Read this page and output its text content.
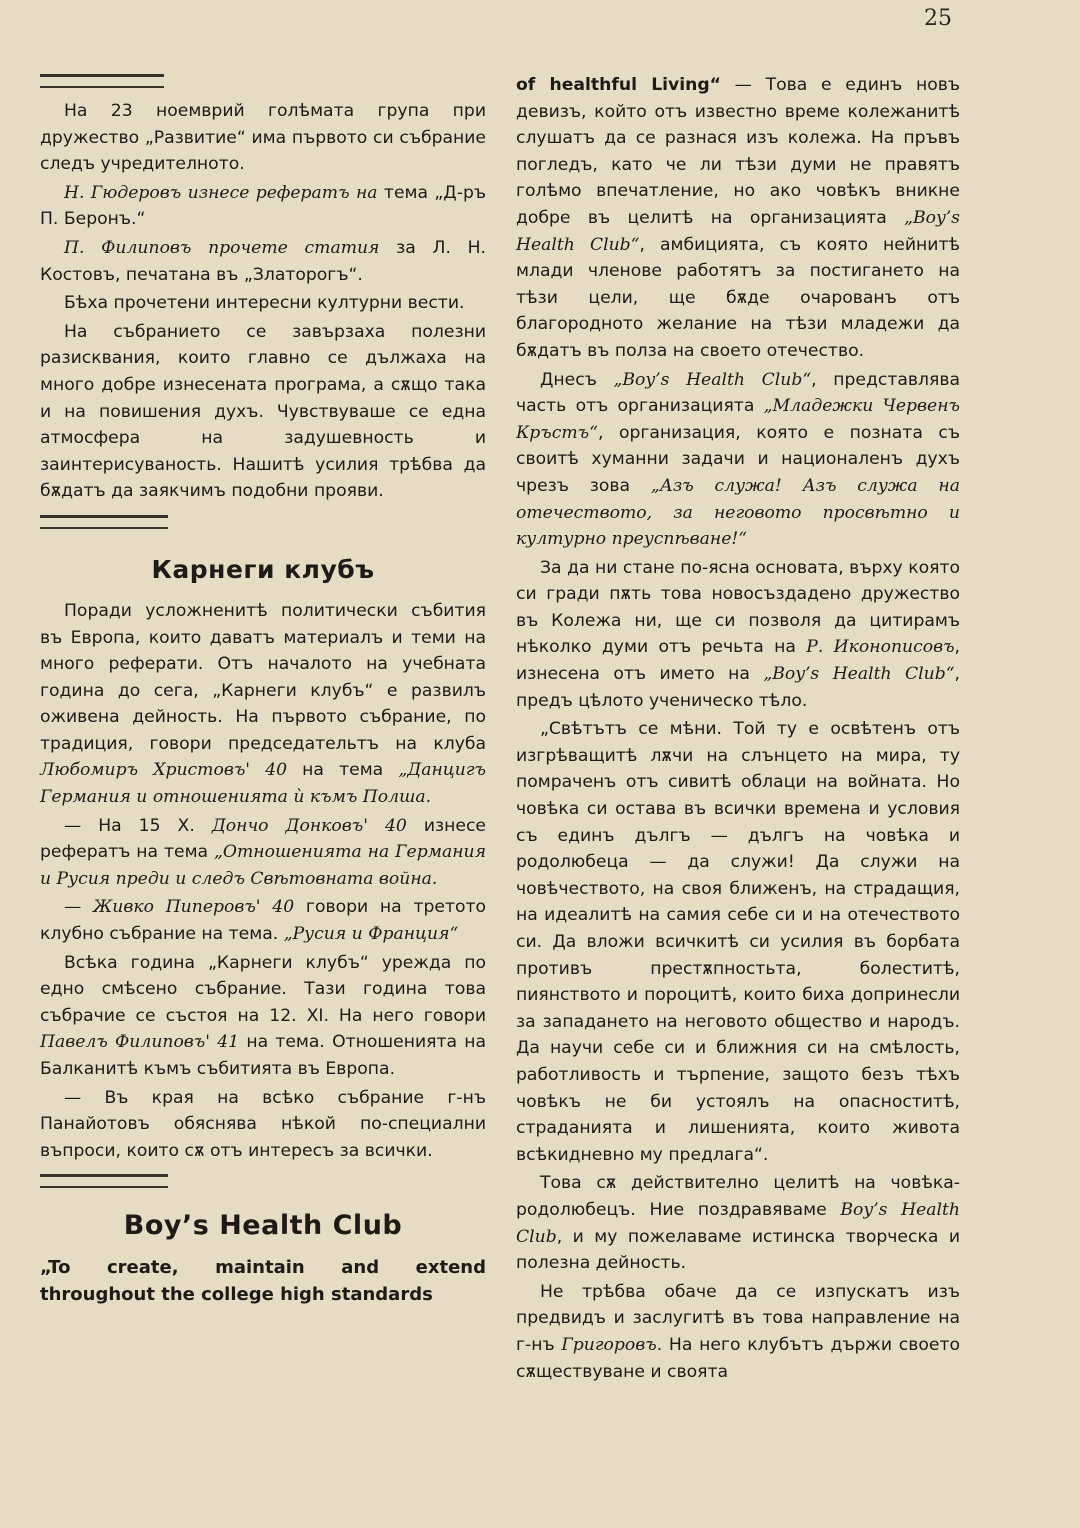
25

На 23 ноемврий голѣмата група при дружество „Развитие“ има първото си събрание следъ учредителното.

Н. Гюдеровъ изнесе рефератъ на тема „Д-ръ П. Беронъ.“

П. Филиповъ прочете статия за Л. Н. Костовъ, печатана въ „Златорогъ“.

Бѣха прочетени интересни културни вести.

На събранието се завързаха полезни разисквания, които главно се дължаха на много добре изнесената програма, а сѫщо така и на повишения духъ. Чувствуваше се една атмосфера на задушевность и заинтерисуваность. Нашитѣ усилия трѣбва да бѫдатъ да заякчимъ подобни прояви.

Карнеги клубъ

Поради усложненитѣ политически събития въ Европа, които даватъ материалъ и теми на много реферати. Отъ началото на учебната година до сега, „Карнеги клубъ“ е развилъ оживена дейность. На първото събрание, по традиция, говори председательтъ на клуба Любомиръ Христовъ' 40 на тема „Данцигъ Германия и отношенията ѝ къмъ Полша.

— На 15 Х. Дончо Донковъ' 40 изнесе рефератъ на тема „Отношенията на Германия и Русия преди и следъ Свѣтовната война.

— Живко Пиперовъ' 40 говори на третото клубно събрание на тема. „Русия и Франция“

Всѣка година „Карнеги клубъ“ урежда по едно смѣсено събрание. Тази година това събрачие се състоя на 12. XI. На него говори Павелъ Филиповъ' 41 на тема. Отношенията на Балканитѣ къмъ събитията въ Европа.

— Въ края на всѣко събрание г-нъ Панайотовъ обяснява нѣкой по-специални въпроси, които сѫ отъ интересъ за всички.

Boy’s Health Club

„To create, maintain and extend throughout the college high standards

of healthful Living“ — Това е единъ новъ девизъ, който отъ известно време колежанитѣ слушатъ да се разнася изъ колежа. На пръвъ погледъ, като че ли тѣзи думи не правятъ голѣмо впечатление, но ако човѣкъ вникне добре въ целитѣ на организацията „Boy’s Health Club“, амбицията, съ която нейнитѣ млади членове работятъ за постигането на тѣзи цели, ще бѫде очарованъ отъ благородното желание на тѣзи младежи да бѫдатъ въ полза на своето отечество.

Днесъ „Boy’s Health Club“, представлява часть отъ организацията „Младежки Червенъ Кръстъ“, организация, която е позната съ своитѣ хуманни задачи и националенъ духъ чрезъ зова „Азъ служа! Азъ служа на отечеството, за неговото просвѣтно и културно преуспѣване!“

За да ни стане по-ясна основата, върху която си гради пѫть това новосъздадено дружество въ Колежа ни, ще си позволя да цитирамъ нѣколко думи отъ речьта на Р. Иконописовъ, изнесена отъ името на „Boy’s Health Club“, предъ цѣлото ученическо тѣло.

„Свѣтътъ се мѣни. Той ту е освѣтенъ отъ изгрѣващитѣ лѫчи на слънцето на мира, ту помраченъ отъ сивитѣ облаци на войната. Но човѣка си остава въ всички времена и условия съ единъ дългъ — дългъ на човѣка и родолюбеца — да служи! Да служи на човѣчеството, на своя ближенъ, на страдащия, на идеалитѣ на самия себе си и на отечеството си. Да вложи всичкитѣ си усилия въ борбата противъ престѫпностьта, болеститѣ, пиянството и пороцитѣ, които биха допринесли за западането на неговото общество и народъ. Да научи себе си и ближния си на смѣлость, работливость и търпение, защото безъ тѣхъ човѣкъ не би устоялъ на опасноститѣ, страданията и лишенията, които живота всѣкидневно му предлага“.

Това сѫ действително целитѣ на човѣка-родолюбецъ. Ние поздравяваме Boy’s Health Club, и му пожелаваме истинска творческа и полезна дейность.

Не трѣбва обаче да се изпускатъ изъ предвидъ и заслугитѣ въ това направление на г-нъ Григоровъ. На него клубътъ държи своето сѫществуване и своята
